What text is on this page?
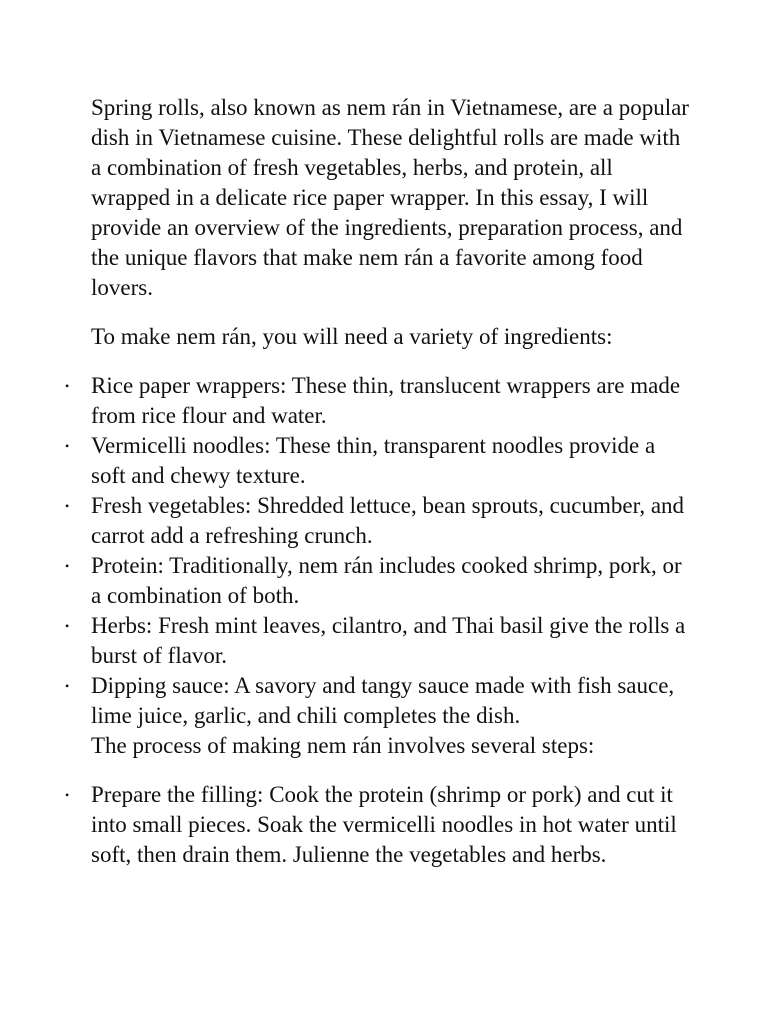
Spring rolls, also known as nem rán in Vietnamese, are a popular dish in Vietnamese cuisine. These delightful rolls are made with a combination of fresh vegetables, herbs, and protein, all wrapped in a delicate rice paper wrapper. In this essay, I will provide an overview of the ingredients, preparation process, and the unique flavors that make nem rán a favorite among food lovers.

To make nem rán, you will need a variety of ingredients:

• Rice paper wrappers: These thin, translucent wrappers are made from rice flour and water.
• Vermicelli noodles: These thin, transparent noodles provide a soft and chewy texture.
• Fresh vegetables: Shredded lettuce, bean sprouts, cucumber, and carrot add a refreshing crunch.
• Protein: Traditionally, nem rán includes cooked shrimp, pork, or a combination of both.
• Herbs: Fresh mint leaves, cilantro, and Thai basil give the rolls a burst of flavor.
• Dipping sauce: A savory and tangy sauce made with fish sauce, lime juice, garlic, and chili completes the dish.

The process of making nem rán involves several steps:

• Prepare the filling: Cook the protein (shrimp or pork) and cut it into small pieces. Soak the vermicelli noodles in hot water until soft, then drain them. Julienne the vegetables and herbs.
